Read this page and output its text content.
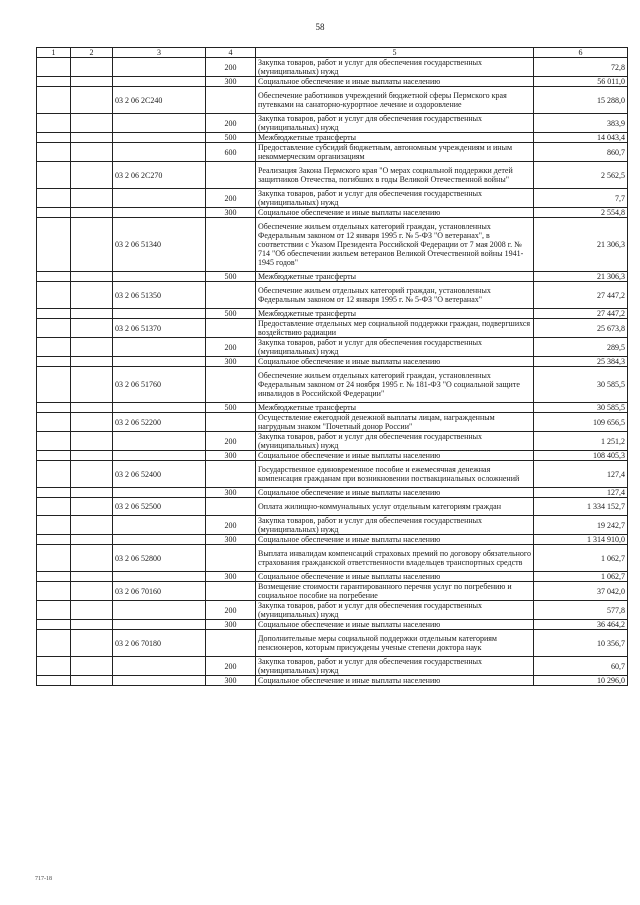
58
1	2	3	4	5	6
			200	Закупка товаров, работ и услуг для обеспечения государственных (муниципальных) нужд	72,8
			300	Социальное обеспечение и иные выплаты населению	56 011,0
		03 2 06 2С240		Обеспечение работников учреждений бюджетной сферы Пермского края путевками на санаторно-курортное лечение и оздоровление	15 288,0
			200	Закупка товаров, работ и услуг для обеспечения государственных (муниципальных) нужд	383,9
			500	Межбюджетные трансферты	14 043,4
			600	Предоставление субсидий бюджетным, автономным учреждениям и иным некоммерческим организациям	860,7
		03 2 06 2С270		Реализация Закона Пермского края "О мерах социальной поддержки детей защитников Отечества, погибших в годы Великой Отечественной войны"	2 562,5
			200	Закупка товаров, работ и услуг для обеспечения государственных (муниципальных) нужд	7,7
			300	Социальное обеспечение и иные выплаты населению	2 554,8
		03 2 06 51340		Обеспечение жильем отдельных категорий граждан, установленных Федеральным законом от 12 января 1995 г. № 5-ФЗ "О ветеранах", в соответствии с Указом Президента Российской Федерации от 7 мая 2008 г. № 714 "Об обеспечении жильем ветеранов Великой Отечественной войны 1941-1945 годов"	21 306,3
			500	Межбюджетные трансферты	21 306,3
		03 2 06 51350		Обеспечение жильем отдельных категорий граждан, установленных Федеральным законом от 12 января 1995 г. № 5-ФЗ "О ветеранах"	27 447,2
			500	Межбюджетные трансферты	27 447,2
		03 2 06 51370		Предоставление отдельных мер социальной поддержки граждан, подвергшихся воздействию радиации	25 673,8
			200	Закупка товаров, работ и услуг для обеспечения государственных (муниципальных) нужд	289,5
			300	Социальное обеспечение и иные выплаты населению	25 384,3
		03 2 06 51760		Обеспечение жильем отдельных категорий граждан, установленных Федеральным законом от 24 ноября 1995 г. № 181-ФЗ "О социальной защите инвалидов в Российской Федерации"	30 585,5
			500	Межбюджетные трансферты	30 585,5
		03 2 06 52200		Осуществление ежегодной денежной выплаты лицам, награжденным нагрудным знаком "Почетный донор России"	109 656,5
			200	Закупка товаров, работ и услуг для обеспечения государственных (муниципальных) нужд	1 251,2
			300	Социальное обеспечение и иные выплаты населению	108 405,3
		03 2 06 52400		Государственное единовременное пособие и ежемесячная денежная компенсация гражданам при возникновении поствакцинальных осложнений	127,4
			300	Социальное обеспечение и иные выплаты населению	127,4
		03 2 06 52500		Оплата жилищно-коммунальных услуг отдельным категориям граждан	1 334 152,7
			200	Закупка товаров, работ и услуг для обеспечения государственных (муниципальных) нужд	19 242,7
			300	Социальное обеспечение и иные выплаты населению	1 314 910,0
		03 2 06 52800		Выплата инвалидам компенсаций страховых премий по договору обязательного страхования гражданской ответственности владельцев транспортных средств	1 062,7
			300	Социальное обеспечение и иные выплаты населению	1 062,7
		03 2 06 70160		Возмещение стоимости гарантированного перечня услуг по погребению и социальное пособие на погребение	37 042,0
			200	Закупка товаров, работ и услуг для обеспечения государственных (муниципальных) нужд	577,8
			300	Социальное обеспечение и иные выплаты населению	36 464,2
		03 2 06 70180		Дополнительные меры социальной поддержки отдельным категориям пенсионеров, которым присуждены ученые степени доктора наук	10 356,7
			200	Закупка товаров, работ и услуг для обеспечения государственных (муниципальных) нужд	60,7
			300	Социальное обеспечение и иные выплаты населению	10 296,0
717-18
